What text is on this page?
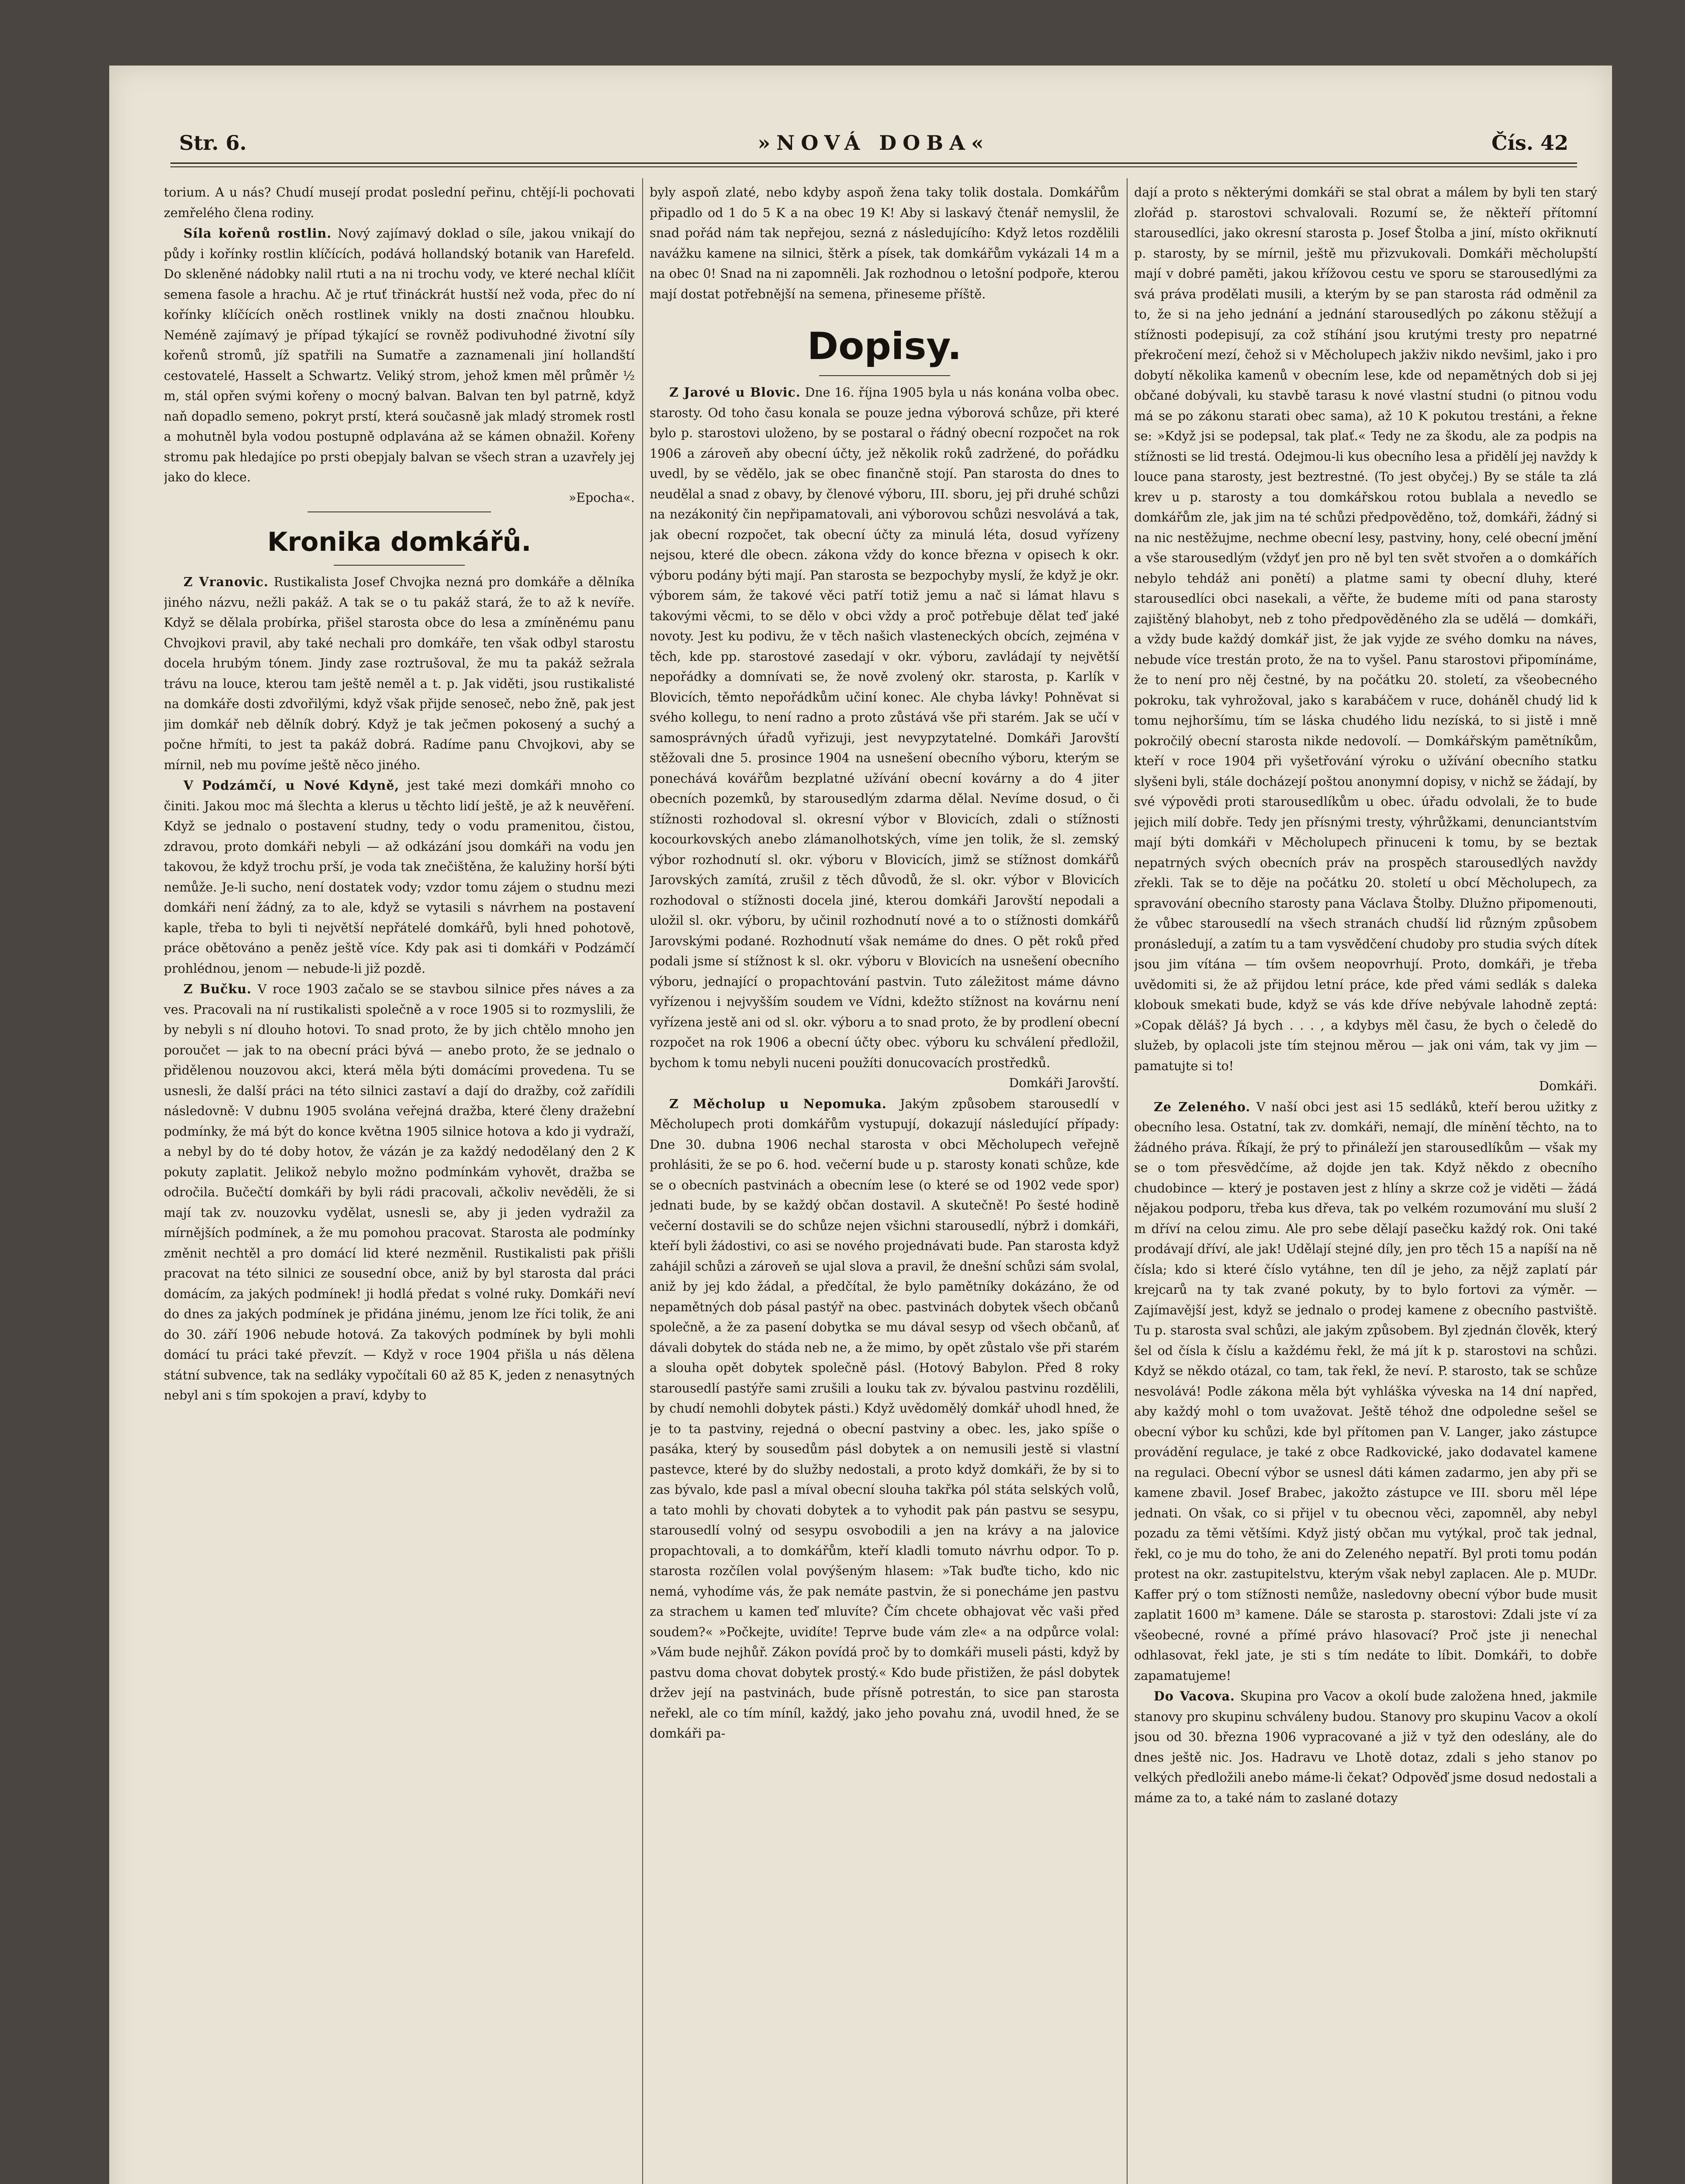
Str. 6.	»NOVÁ DOBA«	Čís. 42

torium. A u nás? Chudí musejí prodat poslední peřinu, chtějí-li pochovati zemřelého člena rodiny.

Síla kořenů rostlin. Nový zajímavý doklad o síle, jakou vnikají do půdy i kořínky rostlin klíčících, podává hollandský botanik van Harefeld. Do skleněné nádobky nalil rtuti a na ni trochu vody, ve které nechal klíčit semena fasole a hrachu. Ač je rtuť třináckrát hustší než voda, přec do ní kořínky klíčících oněch rostlinek vnikly na dosti značnou hloubku. Neméně zajímavý je případ týkající se rovněž podivuhodné životní síly kořenů stromů, jíž spatřili na Sumatře a zaznamenali jiní hollandští cestovatelé, Hasselt a Schwartz. Veliký strom, jehož kmen měl průměr ½ m, stál opřen svými kořeny o mocný balvan. Balvan ten byl patrně, když naň dopadlo semeno, pokryt prstí, která současně jak mladý stromek rostl a mohutněl byla vodou postupně odplavána až se kámen obnažil. Kořeny stromu pak hledajíce po prsti obepjaly balvan se všech stran a uzavřely jej jako do klece.
»Epocha«.

Kronika domkářů.

Z Vranovic. Rustikalista Josef Chvojka nezná pro domkáře a dělníka jiného názvu, nežli pakáž. A tak se o tu pakáž stará, že to až k nevíře. Když se dělala probírka, přišel starosta obce do lesa a zmíněnému panu Chvojkovi pravil, aby také nechali pro domkáře, ten však odbyl starostu docela hrubým tónem. Jindy zase roztrušoval, že mu ta pakáž sežrala trávu na louce, kterou tam ještě neměl a t. p. Jak viděti, jsou rustikalisté na domkáře dosti zdvořilými, když však přijde senoseč, nebo žně, pak jest jim domkář neb dělník dobrý. Když je tak ječmen pokosený a suchý a počne hřmíti, to jest ta pakáž dobrá. Radíme panu Chvojkovi, aby se mírnil, neb mu povíme ještě něco jiného.

V Podzámčí, u Nové Kdyně, jest také mezi domkáři mnoho co činiti. Jakou moc má šlechta a klerus u těchto lidí ještě, je až k neuvěření. Když se jednalo o postavení studny, tedy o vodu pramenitou, čistou, zdravou, proto domkáři nebyli — až odkázání jsou domkáři na vodu jen takovou, že když trochu prší, je voda tak znečištěna, že kalužiny horší býti nemůže. Je-li sucho, není dostatek vody; vzdor tomu zájem o studnu mezi domkáři není žádný, za to ale, když se vytasili s návrhem na postavení kaple, třeba to byli ti největší nepřátelé domkářů, byli hned pohotově, práce obětováno a peněz ještě více. Kdy pak asi ti domkáři v Podzámčí prohlédnou, jenom — nebude-li již pozdě.

Z Bučku. V roce 1903 začalo se se stavbou silnice přes náves a za ves. Pracovali na ní rustikalisti společně a v roce 1905 si to rozmyslili, že by nebyli s ní dlouho hotovi. To snad proto, že by jich chtělo mnoho jen poroučet — jak to na obecní práci bývá — anebo proto, že se jednalo o přidělenou nouzovou akci, která měla býti domácími provedena. Tu se usnesli, že další práci na této silnici zastaví a dají do dražby, což zařídili následovně: V dubnu 1905 svolána veřejná dražba, které členy dražební podmínky, že má být do konce května 1905 silnice hotova a kdo ji vydraží, a nebyl by do té doby hotov, že vázán je za každý nedodělaný den 2 K pokuty zaplatit. Jelikož nebylo možno podmínkám vyhovět, dražba se odročila. Bučečtí domkáři by byli rádi pracovali, ačkoliv nevěděli, že si mají tak zv. nouzovku vydělat, usnesli se, aby ji jeden vydražil za mírnějších podmínek, a že mu pomohou pracovat. Starosta ale podmínky změnit nechtěl a pro domácí lid které nezměnil. Rustikalisti pak přišli pracovat na této silnici ze sousední obce, aniž by byl starosta dal práci domácím, za jakých podmínek! ji hodlá předat s volné ruky. Domkáři neví do dnes za jakých podmínek je přidána jinému, jenom lze říci tolik, že ani do 30. září 1906 nebude hotová. Za takových podmínek by byli mohli domácí tu práci také převzít. — Když v roce 1904 přišla u nás dělena státní subvence, tak na sedláky vypočítali 60 až 85 K, jeden z nenasytných nebyl ani s tím spokojen a praví, kdyby to

byly aspoň zlaté, nebo kdyby aspoň žena taky tolik dostala. Domkářům připadlo od 1 do 5 K a na obec 19 K! Aby si laskavý čtenář nemyslil, že snad pořád nám tak nepřejou, sezná z následujícího: Když letos rozdělili navážku kamene na silnici, štěrk a písek, tak domkářům vykázali 14 m a na obec 0! Snad na ni zapomněli. Jak rozhodnou o letošní podpoře, kterou mají dostat potřebnější na semena, přineseme příště.

Dopisy.

Z Jarové u Blovic. Dne 16. října 1905 byla u nás konána volba obec. starosty. Od toho času konala se pouze jedna výborová schůze, při které bylo p. starostovi uloženo, by se postaral o řádný obecní rozpočet na rok 1906 a zároveň aby obecní účty, jež několik roků zadržené, do pořádku uvedl, by se vědělo, jak se obec finančně stojí. Pan starosta do dnes to neudělal a snad z obavy, by členové výboru, III. sboru, jej při druhé schůzi na nezákonitý čin nepřipamatovali, ani výborovou schůzi nesvolává a tak, jak obecní rozpočet, tak obecní účty za minulá léta, dosud vyřízeny nejsou, které dle obecn. zákona vždy do konce března v opisech k okr. výboru podány býti mají. Pan starosta se bezpochyby myslí, že když je okr. výborem sám, že takové věci patří totiž jemu a nač si lámat hlavu s takovými věcmi, to se dělo v obci vždy a proč potřebuje dělat teď jaké novoty. Jest ku podivu, že v těch našich vlasteneckých obcích, zejména v těch, kde pp. starostové zasedají v okr. výboru, zavládají ty největší nepořádky a domnívati se, že nově zvolený okr. starosta, p. Karlík v Blovicích, těmto nepořádkům učiní konec. Ale chyba lávky! Pohněvat si svého kollegu, to není radno a proto zůstává vše při starém. Jak se učí v samosprávných úřadů vyřizuji, jest nevypzytatelné. Domkáři Jarovští stěžovali dne 5. prosince 1904 na usnešení obecního výboru, kterým se ponechává kovářům bezplatné užívání obecní kovárny a do 4 jiter obecních pozemků, by starousedlým zdarma dělal. Nevíme dosud, o či stížnosti rozhodoval sl. okresní výbor v Blovicích, zdali o stížnosti kocourkovských anebo zlámanolhotských, víme jen tolik, že sl. zemský výbor rozhodnutí sl. okr. výboru v Blovicích, jimž se stížnost domkářů Jarovských zamítá, zrušil z těch důvodů, že sl. okr. výbor v Blovicích rozhodoval o stížnosti docela jiné, kterou domkáři Jarovští nepodali a uložil sl. okr. výboru, by učinil rozhodnutí nové a to o stížnosti domkářů Jarovskými podané. Rozhodnutí však nemáme do dnes. O pět roků před podali jsme sí stížnost k sl. okr. výboru v Blovicích na usnešení obecního výboru, jednající o propachtování pastvin. Tuto záležitost máme dávno vyřízenou i nejvyšším soudem ve Vídni, kdežto stížnost na kovárnu není vyřízena jestě ani od sl. okr. výboru a to snad proto, že by prodlení obecní rozpočet na rok 1906 a obecní účty obec. výboru ku schválení předložil, bychom k tomu nebyli nuceni použíti donucovacích prostředků.
Domkáři Jarovští.

Z Měcholup u Nepomuka. Jakým způsobem starousedlí v Měcholupech proti domkářům vystupují, dokazují následující případy: Dne 30. dubna 1906 nechal starosta v obci Měcholupech veřejně prohlásiti, že se po 6. hod. večerní bude u p. starosty konati schůze, kde se o obecních pastvinách a obecním lese (o které se od 1902 vede spor) jednati bude, by se každý občan dostavil. A skutečně! Po šesté hodině večerní dostavili se do schůze nejen všichni starousedlí, nýbrž i domkáři, kteří byli žádostivi, co asi se nového projednávati bude. Pan starosta když zahájil schůzi a zároveň se ujal slova a pravil, že dnešní schůzi sám svolal, aniž by jej kdo žádal, a předčítal, že bylo pamětníky dokázáno, že od nepamětných dob pásal pastýř na obec. pastvinách dobytek všech občanů společně, a že za pasení dobytka se mu dával sesyp od všech občanů, ať dávali dobytek do stáda neb ne, a že mimo, by opět zůstalo vše při starém a slouha opět dobytek společně pásl. (Hotový Babylon. Před 8 roky starousedlí pastýře sami zrušili a louku tak zv. bývalou pastvinu rozdělili, by chudí nemohli dobytek pásti.) Když uvědomělý domkář uhodl hned, že je to ta pastviny, rejedná o obecní pastviny a obec. les, jako spíše o pasáka, který by sousedům pásl dobytek a on nemusili jestě si vlastní pastevce, které by do služby nedostali, a proto když domkáři, že by si to zas bývalo, kde pasl a míval obecní slouha takřka pól státa selských volů, a tato mohli by chovati dobytek a to vyhodit pak pán pastvu se sesypu, starousedlí volný od sesypu osvobodili a jen na krávy a na jalovice propachtovali, a to domkářům, kteří kladli tomuto návrhu odpor. To p. starosta rozčílen volal povýšeným hlasem: »Tak buďte ticho, kdo nic nemá, vyhodíme vás, že pak nemáte pastvin, že si ponecháme jen pastvu za strachem u kamen teď mluvíte? Čím chcete obhajovat věc vaši před soudem?« »Počkejte, uvidíte! Teprve bude vám zle« a na odpůrce volal: »Vám bude nejhůř. Zákon povídá proč by to domkáři museli pásti, když by pastvu doma chovat dobytek prostý.« Kdo bude přistižen, že pásl dobytek držev její na pastvinách, bude přísně potrestán, to sice pan starosta neřekl, ale co tím míníl, každý, jako jeho povahu zná, uvodil hned, že se domkáři pa-

dají a proto s některými domkáři se stal obrat a málem by byli ten starý zlořád p. starostovi schvalovali. Rozumí se, že někteří přítomní starousedlíci, jako okresní starosta p. Josef Štolba a jiní, místo okřiknutí p. starosty, by se mírnil, ještě mu přizvukovali. Domkáři měcholupští mají v dobré paměti, jakou křížovou cestu ve sporu se starousedlými za svá práva prodělati musili, a kterým by se pan starosta rád odměnil za to, že si na jeho jednání a jednání starousedlých po zákonu stěžují a stížnosti podepisují, za což stíhání jsou krutými tresty pro nepatrné překročení mezí, čehož si v Měcholupech jakživ nikdo nevšiml, jako i pro dobytí několika kamenů v obecním lese, kde od nepamětných dob si jej občané dobývali, ku stavbě tarasu k nové vlastní studni (o pitnou vodu má se po zákonu starati obec sama), až 10 K pokutou trestáni, a řekne se: »Když jsi se podepsal, tak plať.« Tedy ne za škodu, ale za podpis na stížnosti se lid trestá. Odejmou-li kus obecního lesa a přidělí jej navždy k louce pana starosty, jest beztrestné. (To jest obyčej.) By se stále ta zlá krev u p. starosty a tou domkářskou rotou bublala a nevedlo se domkářům zle, jak jim na té schůzi předpověděno, tož, domkáři, žádný si na nic nestěžujme, nechme obecní lesy, pastviny, hony, celé obecní jmění a vše starousedlým (vždyť jen pro ně byl ten svět stvořen a o domkářích nebylo tehdáž ani ponětí) a platme sami ty obecní dluhy, které starousedlíci obci nasekali, a věřte, že budeme míti od pana starosty zajištěný blahobyt, neb z toho předpověděného zla se udělá — domkáři, a vždy bude každý domkář jist, že jak vyjde ze svého domku na náves, nebude více trestán proto, že na to vyšel. Panu starostovi připomínáme, že to není pro něj čestné, by na počátku 20. století, za všeobecného pokroku, tak vyhrožoval, jako s karabáčem v ruce, doháněl chudý lid k tomu nejhoršímu, tím se láska chudého lidu nezíská, to si jistě i mně pokročilý obecní starosta nikde nedovolí. — Domkářským pamětníkům, kteří v roce 1904 při vyšetřování výroku o užívání obecního statku slyšeni byli, stále docházejí poštou anonymní dopisy, v nichž se žádají, by své výpovědi proti starousedlíkům u obec. úřadu odvolali, že to bude jejich milí dobře. Tedy jen přísnými tresty, výhrůžkami, denunciantstvím mají býti domkáři v Měcholupech přinuceni k tomu, by se beztak nepatrných svých obecních práv na prospěch starousedlých navždy zřekli. Tak se to děje na počátku 20. století u obcí Měcholupech, za spravování obecního starosty pana Václava Štolby. Dlužno připomenouti, že vůbec starousedlí na všech stranách chudší lid různým způsobem pronásledují, a zatím tu a tam vysvědčení chudoby pro studia svých dítek jsou jim vítána — tím ovšem neopovrhují. Proto, domkáři, je třeba uvědomiti si, že až přijdou letní práce, kde před vámi sedlák s daleka klobouk smekati bude, když se vás kde dříve nebývale lahodně zeptá: »Copak děláš? Já bych . . . , a kdybys měl času, že bych o čeledě do služeb, by oplacoli jste tím stejnou měrou — jak oni vám, tak vy jim — pamatujte si to!
Domkáři.

Ze Zeleného. V naší obci jest asi 15 sedláků, kteří berou užitky z obecního lesa. Ostatní, tak zv. domkáři, nemají, dle mínění těchto, na to žádného práva. Říkají, že prý to přináleží jen starousedlíkům — však my se o tom přesvědčíme, až dojde jen tak. Když někdo z obecního chudobince — který je postaven jest z hlíny a skrze což je viděti — žádá nějakou podporu, třeba kus dřeva, tak po velkém rozumování mu sluší 2 m dříví na celou zimu. Ale pro sebe dělají pasečku každý rok. Oni také prodávají dříví, ale jak! Udělají stejné díly, jen pro těch 15 a napíší na ně čísla; kdo si které číslo vytáhne, ten díl je jeho, za nějž zaplatí pár krejcarů na ty tak zvané pokuty, by to bylo fortovi za výměr. — Zajímavější jest, když se jednalo o prodej kamene z obecního pastviště. Tu p. starosta sval schůzi, ale jakým způsobem. Byl zjednán člověk, který šel od čísla k číslu a každému řekl, že má jít k p. starostovi na schůzi. Když se někdo otázal, co tam, tak řekl, že neví. P. starosto, tak se schůze nesvolává! Podle zákona měla být vyhláška výveska na 14 dní napřed, aby každý mohl o tom uvažovat. Ještě téhož dne odpoledne sešel se obecní výbor ku schůzi, kde byl přítomen pan V. Langer, jako zástupce provádění regulace, je také z obce Radkovické, jako dodavatel kamene na regulaci. Obecní výbor se usnesl dáti kámen zadarmo, jen aby při se kamene zbavil. Josef Brabec, jakožto zástupce ve III. sboru měl lépe jednati. On však, co si přijel v tu obecnou věci, zapomněl, aby nebyl pozadu za těmi většími. Když jistý občan mu vytýkal, proč tak jednal, řekl, co je mu do toho, že ani do Zeleného nepatří. Byl proti tomu podán protest na okr. zastupitelstvu, kterým však nebyl zaplacen. Ale p. MUDr. Kaffer prý o tom stížnosti nemůže, nasledovny obecní výbor bude musit zaplatit 1600 m³ kamene. Dále se starosta p. starostovi: Zdali jste ví za všeobecné, rovné a přímé právo hlasovací? Proč jste ji nenechal odhlasovat, řekl jate, je sti s tím nedáte to líbit. Domkáři, to dobře zapamatujeme!

Do Vacova. Skupina pro Vacov a okolí bude založena hned, jakmile stanovy pro skupinu schváleny budou. Stanovy pro skupinu Vacov a okolí jsou od 30. března 1906 vypracované a již v tyž den odeslány, ale do dnes ještě nic. Jos. Hadravu ve Lhotě dotaz, zdali s jeho stanov po velkých předložili anebo máme-li čekat? Odpověď jsme dosud nedostali a máme za to, a také nám to zaslané dotazy
